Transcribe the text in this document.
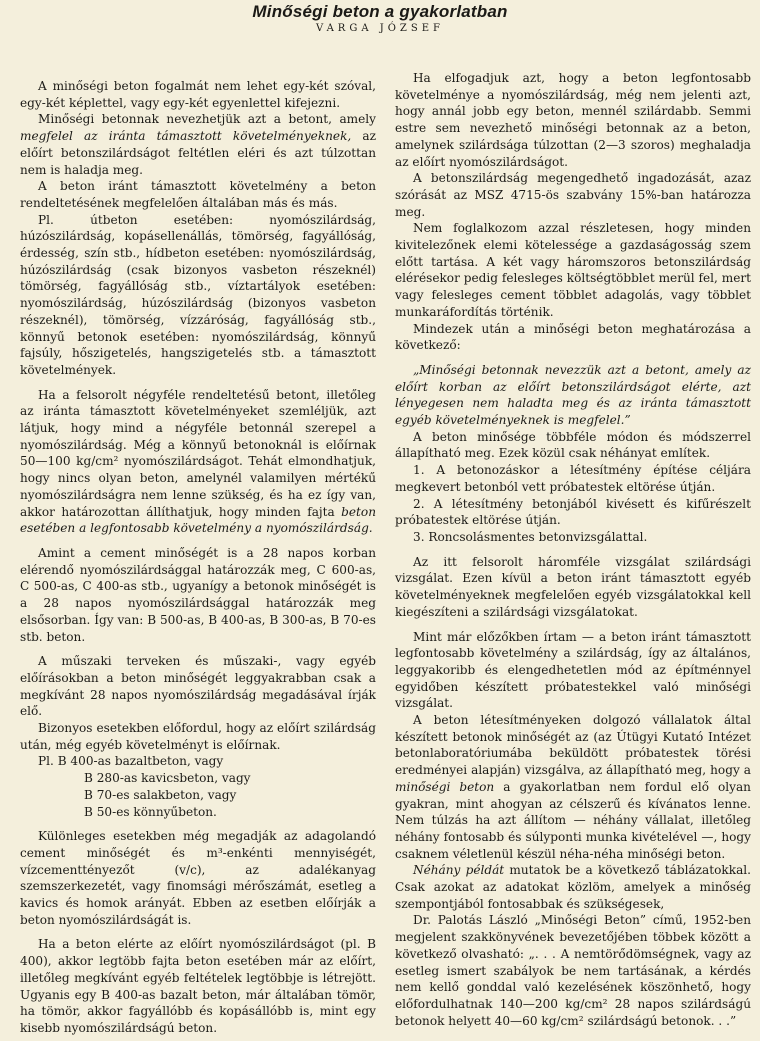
Minőségi beton a gyakorlatban
VARGA JÓZSEF

A minőségi beton fogalmát nem lehet egy-két szóval, egy-két képlettel, vagy egy-két egyenlettel kifejezni.

Minőségi betonnak nevezhetjük azt a betont, amely megfelel az iránta támasztott követelményeknek, az előírt betonszilárdságot feltétlen eléri és azt túlzottan nem is haladja meg.

A beton iránt támasztott követelmény a beton rendeltetésének megfelelően általában más és más.

Pl. útbeton esetében: nyomószilárdság, húzószilárdság, kopásellenállás, tömörség, fagyállóság, érdesség, szín stb., hídbeton esetében: nyomószilárdság, húzószilárdság (csak bizonyos vasbeton részeknél) tömörség, fagyállóság stb., víztartályok esetében: nyomószilárdság, húzószilárdság (bizonyos vasbeton részeknél), tömörség, vízzáróság, fagyállóság stb., könnyű betonok esetében: nyomószilárdság, könnyű fajsúly, hőszigetelés, hangszigetelés stb. a támasztott követelmények.

Ha a felsorolt négyféle rendeltetésű betont, illetőleg az iránta támasztott követelményeket szemléljük, azt látjuk, hogy mind a négyféle betonnál szerepel a nyomószilárdság. Még a könnyű betonoknál is előírnak 50—100 kg/cm² nyomószilárdságot. Tehát elmondhatjuk, hogy nincs olyan beton, amelynél valamilyen mértékű nyomószilárdságra nem lenne szükség, és ha ez így van, akkor határozottan állíthatjuk, hogy minden fajta beton esetében a legfontosabb követelmény a nyomószilárdság.

Amint a cement minőségét is a 28 napos korban elérendő nyomószilárdsággal határozzák meg, C 600-as, C 500-as, C 400-as stb., ugyanígy a betonok minőségét is a 28 napos nyomószilárdsággal határozzák meg elsősorban. Így van: B 500-as, B 400-as, B 300-as, B 70-es stb. beton.

A műszaki terveken és műszaki-, vagy egyéb előírásokban a beton minőségét leggyakrabban csak a megkívánt 28 napos nyomószilárdság megadásával írják elő.

Bizonyos esetekben előfordul, hogy az előírt szilárdság után, még egyéb követelményt is előírnak.

Pl. B 400-as bazaltbeton, vagy

B 280-as kavicsbeton, vagy

B 70-es salakbeton, vagy

B 50-es könnyűbeton.

Különleges esetekben még megadják az adagolandó cement minőségét és m³-enkénti mennyiségét, vízcementtényezőt (v/c), az adalékanyag szemszerkezetét, vagy finomsági mérőszámát, esetleg a kavics és homok arányát. Ebben az esetben előírják a beton nyomószilárdságát is.

Ha a beton elérte az előírt nyomószilárdságot (pl. B 400), akkor legtöbb fajta beton esetében már az előírt, illetőleg megkívánt egyéb feltételek legtöbbje is létrejött. Ugyanis egy B 400-as bazalt beton, már általában tömör, ha tömör, akkor fagyállóbb és kopásállóbb is, mint egy kisebb nyomószilárdságú beton.

Ha elfogadjuk azt, hogy a beton legfontosabb követelménye a nyomószilárdság, még nem jelenti azt, hogy annál jobb egy beton, mennél szilárdabb. Semmi estre sem nevezhető minőségi betonnak az a beton, amelynek szilárdsága túlzottan (2—3 szoros) meghaladja az előírt nyomószilárdságot.

A betonszilárdság megengedhető ingadozását, azaz szórását az MSZ 4715-ös szabvány 15%-ban határozza meg.

Nem foglalkozom azzal részletesen, hogy minden kivitelezőnek elemi kötelessége a gazdaságosság szem előtt tartása. A két vagy háromszoros betonszilárdság elérésekor pedig felesleges költségtöbblet merül fel, mert vagy felesleges cement többlet adagolás, vagy többlet munkaráfordítás történik.

Mindezek után a minőségi beton meghatározása a következő:

„Minőségi betonnak nevezzük azt a betont, amely az előírt korban az előírt betonszilárdságot elérte, azt lényegesen nem haladta meg és az iránta támasztott egyéb követelményeknek is megfelel.”

A beton minősége többféle módon és módszerrel állapítható meg. Ezek közül csak néhányat említek.

1. A betonozáskor a létesítmény építése céljára megkevert betonból vett próbatestek eltörése útján.

2. A létesítmény betonjából kivésett és kifűrészelt próbatestek eltörése útján.

3. Roncsolásmentes betonvizsgálattal.

Az itt felsorolt háromféle vizsgálat szilárdsági vizsgálat. Ezen kívül a beton iránt támasztott egyéb követelményeknek megfelelően egyéb vizsgálatokkal kell kiegészíteni a szilárdsági vizsgálatokat.

Mint már előzőkben írtam — a beton iránt támasztott legfontosabb követelmény a szilárdság, így az általános, leggyakoribb és elengedhetetlen mód az építménnyel egyidőben készített próbatestekkel való minőségi vizsgálat.

A beton létesítményeken dolgozó vállalatok által készített betonok minőségét az (az Útügyi Kutató Intézet betonlaboratóriumába beküldött próbatestek törési eredményei alapján) vizsgálva, az állapítható meg, hogy a minőségi beton a gyakorlatban nem fordul elő olyan gyakran, mint ahogyan az célszerű és kívánatos lenne. Nem túlzás ha azt állítom — néhány vállalat, illetőleg néhány fontosabb és súlyponti munka kivételével —, hogy csaknem véletlenül készül néha-néha minőségi beton.

Néhány példát mutatok be a következő táblázatokkal. Csak azokat az adatokat közlöm, amelyek a minőség szempontjából fontosabbak és szükségesek,

Dr. Palotás László „Minőségi Beton” című, 1952-ben megjelent szakkönyvének bevezetőjében többek között a következő olvasható: „. . . A nemtörődömségnek, vagy az esetleg ismert szabályok be nem tartásának, a kérdés nem kellő gonddal való kezelésének köszönhető, hogy előfordulhatnak 140—200 kg/cm² 28 napos szilárdságú betonok helyett 40—60 kg/cm² szilárdságú betonok. . .”
